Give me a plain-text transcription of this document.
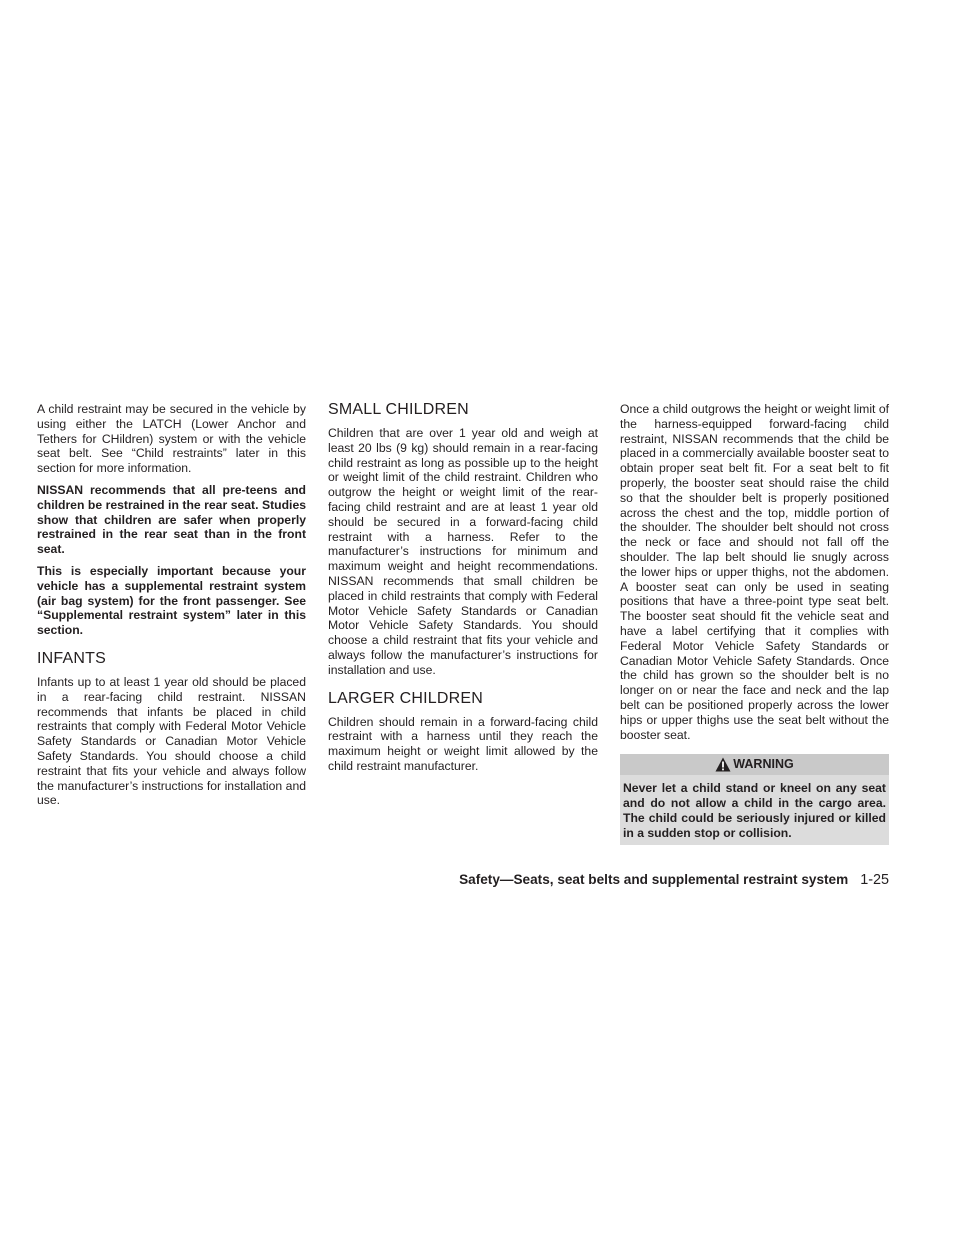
A child restraint may be secured in the vehicle by using either the LATCH (Lower Anchor and Tethers for CHildren) system or with the vehicle seat belt. See “Child restraints” later in this section for more information.

NISSAN recommends that all pre-teens and children be restrained in the rear seat. Studies show that children are safer when properly restrained in the rear seat than in the front seat.

This is especially important because your vehicle has a supplemental restraint system (air bag system) for the front passenger. See “Supplemental restraint system” later in this section.

INFANTS

Infants up to at least 1 year old should be placed in a rear-facing child restraint. NISSAN recommends that infants be placed in child restraints that comply with Federal Motor Vehicle Safety Standards or Canadian Motor Vehicle Safety Standards. You should choose a child restraint that fits your vehicle and always follow the manufacturer’s instructions for installation and use.

SMALL CHILDREN

Children that are over 1 year old and weigh at least 20 lbs (9 kg) should remain in a rear-facing child restraint as long as possible up to the height or weight limit of the child restraint. Children who outgrow the height or weight limit of the rear-facing child restraint and are at least 1 year old should be secured in a forward-facing child restraint with a harness. Refer to the manufacturer’s instructions for minimum and maximum weight and height recommendations. NISSAN recommends that small children be placed in child restraints that comply with Federal Motor Vehicle Safety Standards or Canadian Motor Vehicle Safety Standards. You should choose a child restraint that fits your vehicle and always follow the manufacturer’s instructions for installation and use.

LARGER CHILDREN

Children should remain in a forward-facing child restraint with a harness until they reach the maximum height or weight limit allowed by the child restraint manufacturer.

Once a child outgrows the height or weight limit of the harness-equipped forward-facing child restraint, NISSAN recommends that the child be placed in a commercially available booster seat to obtain proper seat belt fit. For a seat belt to fit properly, the booster seat should raise the child so that the shoulder belt is properly positioned across the chest and the top, middle portion of the shoulder. The shoulder belt should not cross the neck or face and should not fall off the shoulder. The lap belt should lie snugly across the lower hips or upper thighs, not the abdomen. A booster seat can only be used in seating positions that have a three-point type seat belt. The booster seat should fit the vehicle seat and have a label certifying that it complies with Federal Motor Vehicle Safety Standards or Canadian Motor Vehicle Safety Standards. Once the child has grown so the shoulder belt is no longer on or near the face and neck and the lap belt can be positioned properly across the lower hips or upper thighs use the seat belt without the booster seat.

WARNING
Never let a child stand or kneel on any seat and do not allow a child in the cargo area. The child could be seriously injured or killed in a sudden stop or collision.
Safety—Seats, seat belts and supplemental restraint system 1-25
